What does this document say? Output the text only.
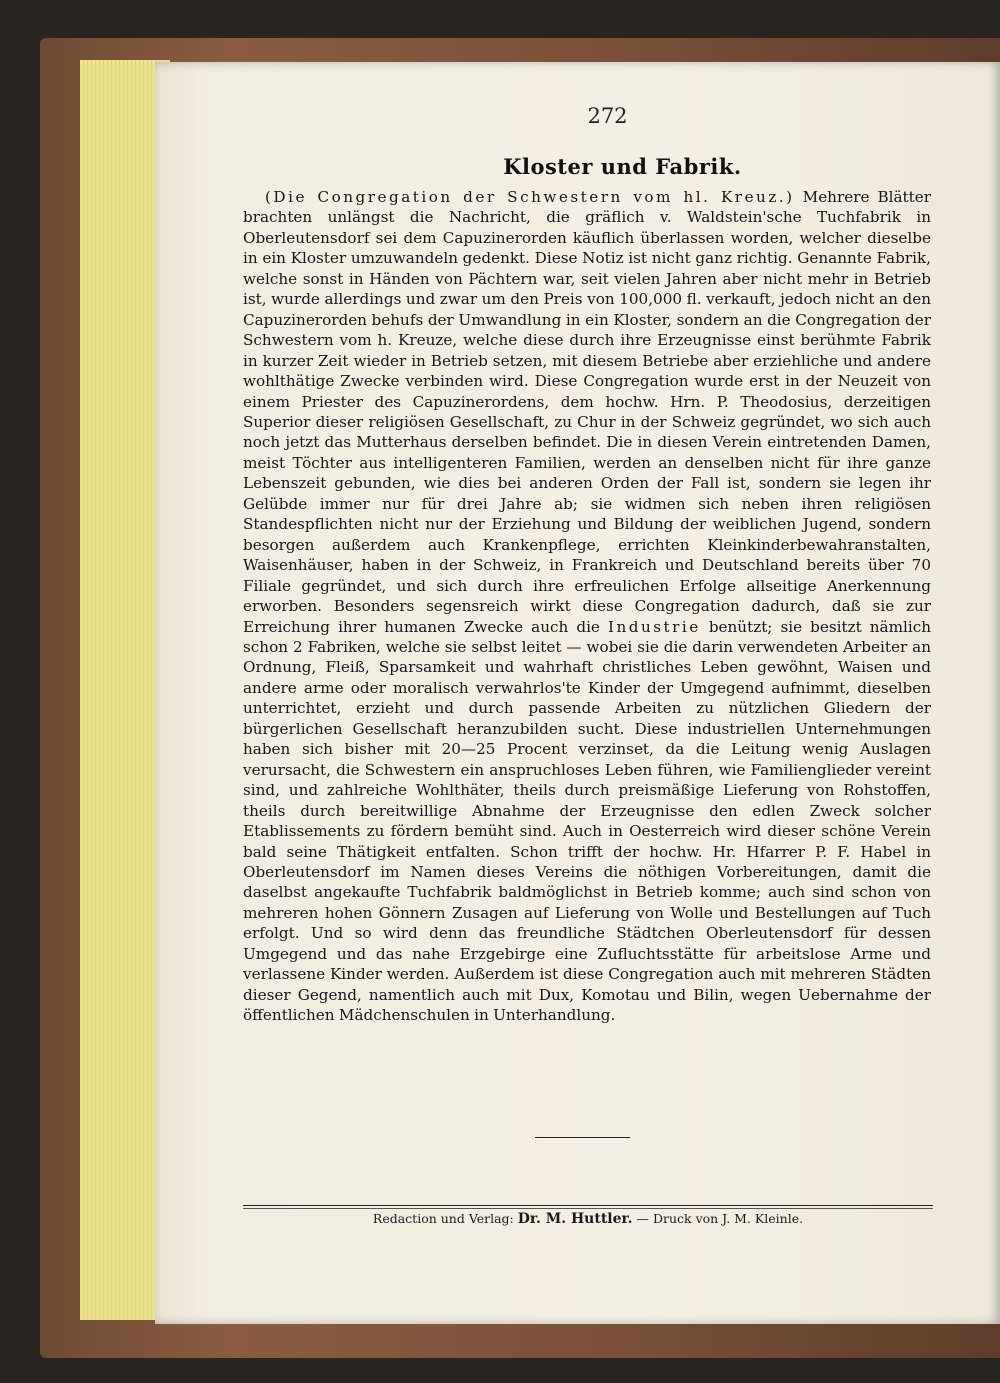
272
Kloster und Fabrik.

(Die Congregation der Schwestern vom hl. Kreuz.) Mehrere Blätter brachten unlängst die Nachricht, die gräflich v. Waldstein'sche Tuchfabrik in Oberleutensdorf sei dem Capuzinerorden käuflich überlassen worden, welcher dieselbe in ein Kloster umzuwandeln gedenkt. Diese Notiz ist nicht ganz richtig. Genannte Fabrik, welche sonst in Händen von Pächtern war, seit vielen Jahren aber nicht mehr in Betrieb ist, wurde allerdings und zwar um den Preis von 100,000 fl. verkauft, jedoch nicht an den Capuzinerorden behufs der Umwandlung in ein Kloster, sondern an die Congregation der Schwestern vom h. Kreuze, welche diese durch ihre Erzeugnisse einst berühmte Fabrik in kurzer Zeit wieder in Betrieb setzen, mit diesem Betriebe aber erziehliche und andere wohlthätige Zwecke verbinden wird. Diese Congregation wurde erst in der Neuzeit von einem Priester des Capuzinerordens, dem hochw. Hrn. P. Theodosius, derzeitigen Superior dieser religiösen Gesellschaft, zu Chur in der Schweiz gegründet, wo sich auch noch jetzt das Mutterhaus derselben befindet. Die in diesen Verein eintretenden Damen, meist Töchter aus intelligenteren Familien, werden an denselben nicht für ihre ganze Lebenszeit gebunden, wie dies bei anderen Orden der Fall ist, sondern sie legen ihr Gelübde immer nur für drei Jahre ab; sie widmen sich neben ihren religiösen Standespflichten nicht nur der Erziehung und Bildung der weiblichen Jugend, sondern besorgen außerdem auch Krankenpflege, errichten Kleinkinderbewahranstalten, Waisenhäuser, haben in der Schweiz, in Frankreich und Deutschland bereits über 70 Filiale gegründet, und sich durch ihre erfreulichen Erfolge allseitige Anerkennung erworben. Besonders segensreich wirkt diese Congregation dadurch, daß sie zur Erreichung ihrer humanen Zwecke auch die Industrie benützt; sie besitzt nämlich schon 2 Fabriken, welche sie selbst leitet — wobei sie die darin verwendeten Arbeiter an Ordnung, Fleiß, Sparsamkeit und wahrhaft christliches Leben gewöhnt, Waisen und andere arme oder moralisch verwahrlos'te Kinder der Umgegend aufnimmt, dieselben unterrichtet, erzieht und durch passende Arbeiten zu nützlichen Gliedern der bürgerlichen Gesellschaft heranzubilden sucht. Diese industriellen Unternehmungen haben sich bisher mit 20—25 Procent verzinset, da die Leitung wenig Auslagen verursacht, die Schwestern ein anspruchloses Leben führen, wie Familienglieder vereint sind, und zahlreiche Wohlthäter, theils durch preismäßige Lieferung von Rohstoffen, theils durch bereitwillige Abnahme der Erzeugnisse den edlen Zweck solcher Etablissements zu fördern bemüht sind. Auch in Oesterreich wird dieser schöne Verein bald seine Thätigkeit entfalten. Schon trifft der hochw. Hr. Hfarrer P. F. Habel in Oberleutensdorf im Namen dieses Vereins die nöthigen Vorbereitungen, damit die daselbst angekaufte Tuchfabrik baldmöglichst in Betrieb komme; auch sind schon von mehreren hohen Gönnern Zusagen auf Lieferung von Wolle und Bestellungen auf Tuch erfolgt. Und so wird denn das freundliche Städtchen Oberleutensdorf für dessen Umgegend und das nahe Erzgebirge eine Zufluchtsstätte für arbeitslose Arme und verlassene Kinder werden. Außerdem ist diese Congregation auch mit mehreren Städten dieser Gegend, namentlich auch mit Dux, Komotau und Bilin, wegen Uebernahme der öffentlichen Mädchenschulen in Unterhandlung.

Redaction und Verlag: Dr. M. Huttler. — Druck von J. M. Kleinle.
